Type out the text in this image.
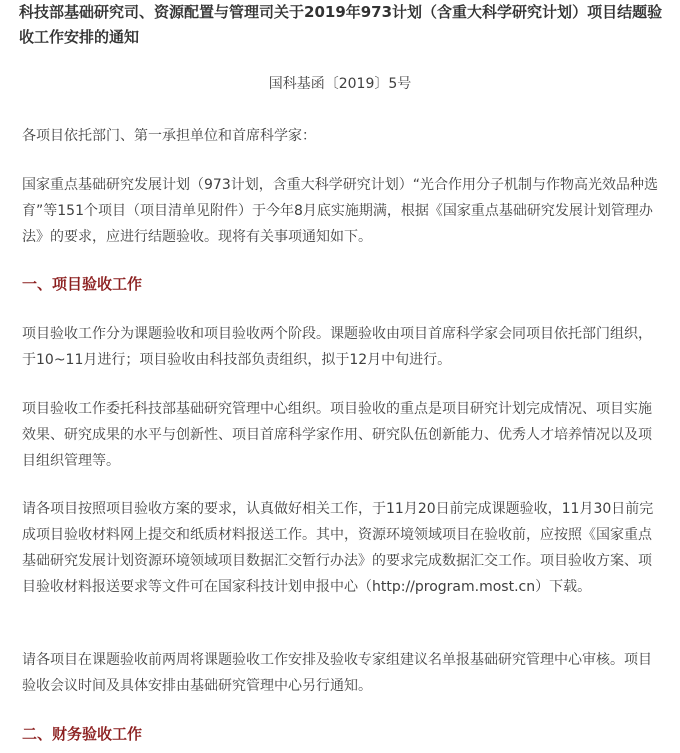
科技部基础研究司、资源配置与管理司关于2019年973计划（含重大科学研究计划）项目结题验收工作安排的通知

国科基函〔2019〕5号

各项目依托部门、第一承担单位和首席科学家：

国家重点基础研究发展计划（973计划，含重大科学研究计划）“光合作用分子机制与作物高光效品种选育”等151个项目（项目清单见附件）于今年8月底实施期满，根据《国家重点基础研究发展计划管理办法》的要求，应进行结题验收。现将有关事项通知如下。

一、项目验收工作

项目验收工作分为课题验收和项目验收两个阶段。课题验收由项目首席科学家会同项目依托部门组织，于10~11月进行；项目验收由科技部负责组织，拟于12月中旬进行。

项目验收工作委托科技部基础研究管理中心组织。项目验收的重点是项目研究计划完成情况、项目实施效果、研究成果的水平与创新性、项目首席科学家作用、研究队伍创新能力、优秀人才培养情况以及项目组织管理等。

请各项目按照项目验收方案的要求，认真做好相关工作，于11月20日前完成课题验收，11月30日前完成项目验收材料网上提交和纸质材料报送工作。其中，资源环境领域项目在验收前，应按照《国家重点基础研究发展计划资源环境领域项目数据汇交暂行办法》的要求完成数据汇交工作。项目验收方案、项目验收材料报送要求等文件可在国家科技计划申报中心（http://program.most.cn）下载。

请各项目在课题验收前两周将课题验收工作安排及验收专家组建议名单报基础研究管理中心审核。项目验收会议时间及具体安排由基础研究管理中心另行通知。

二、财务验收工作
